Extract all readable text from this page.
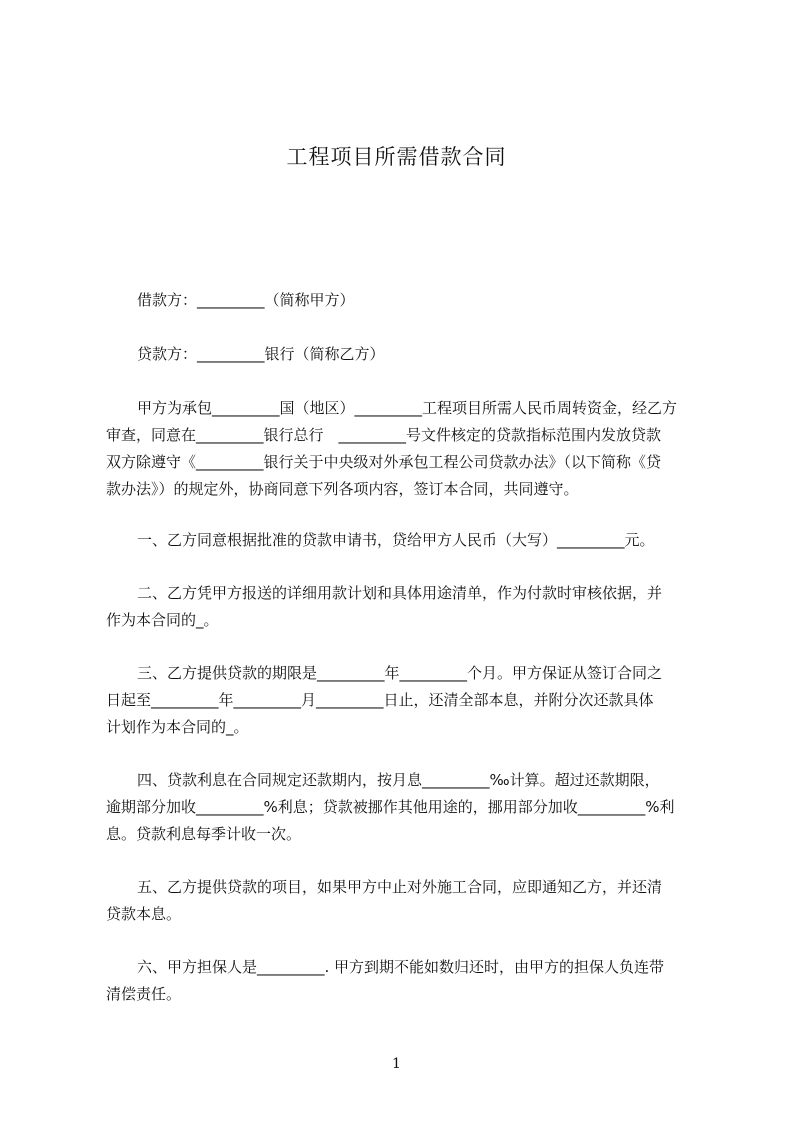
工程项目所需借款合同
借款方：_________（简称甲方）
贷款方：_________银行（简称乙方）
甲方为承包_________国（地区）_________工程项目所需人民币周转资金，经乙方
审查，同意在_________银行总行　_________号文件核定的贷款指标范围内发放贷款
双方除遵守《_________银行关于中央级对外承包工程公司贷款办法》（以下简称《贷
款办法》）的规定外，协商同意下列各项内容，签订本合同，共同遵守。
一、乙方同意根据批准的贷款申请书，贷给甲方人民币（大写）_________元。
二、乙方凭甲方报送的详细用款计划和具体用途清单，作为付款时审核依据，并
作为本合同的_。
三、乙方提供贷款的期限是_________年_________个月。甲方保证从签订合同之
日起至_________年_________月_________日止，还清全部本息，并附分次还款具体
计划作为本合同的_。
四、贷款利息在合同规定还款期内，按月息_________‰计算。超过还款期限，
逾期部分加收_________%利息；贷款被挪作其他用途的，挪用部分加收_________%利
息。贷款利息每季计收一次。
五、乙方提供贷款的项目，如果甲方中止对外施工合同，应即通知乙方，并还清
贷款本息。
六、甲方担保人是_________. 甲方到期不能如数归还时，由甲方的担保人负连带
清偿责任。
1
